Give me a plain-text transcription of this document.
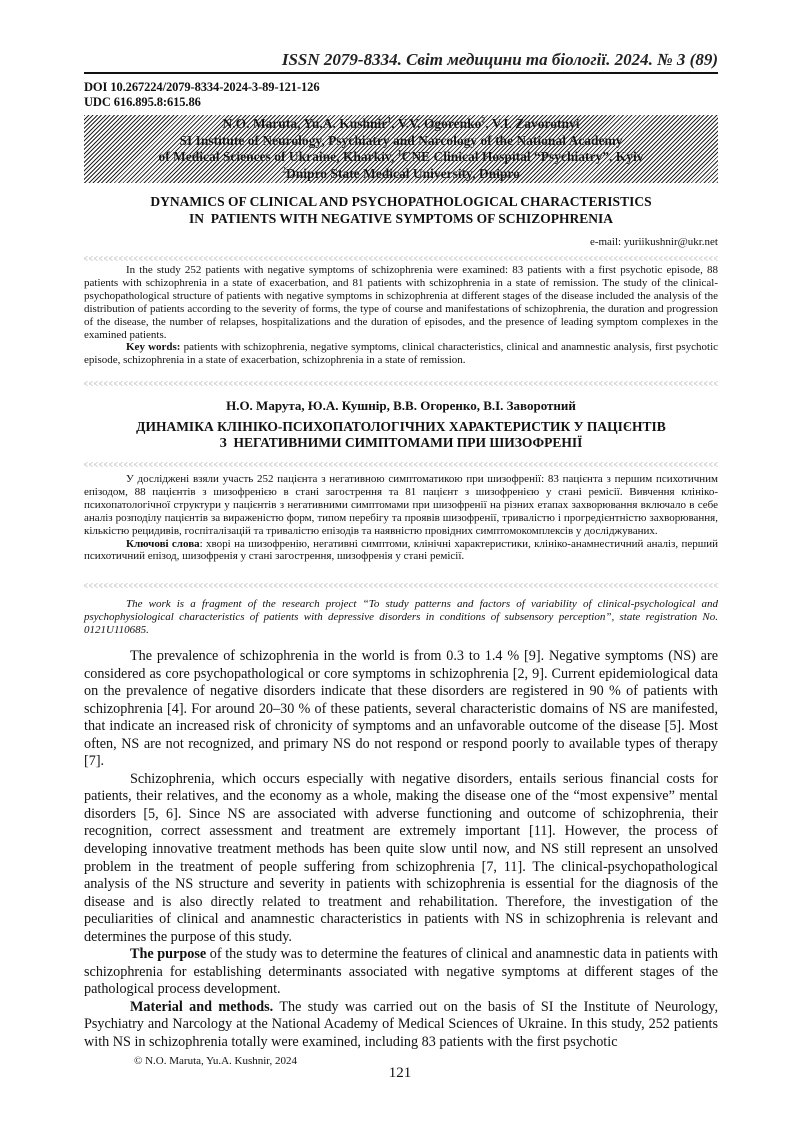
ISSN 2079-8334. Світ медицини та біології. 2024. № 3 (89)
DOI 10.267224/2079-8334-2024-3-89-121-126
UDC 616.895.8:615.86
N.O. Maruta, Yu.A. Kushnir$^1$, V.V. Ogorenko$^2$, V.I. Zavorotnyi
SI Institute of Neurology, Psychiatry and Narcology of the National Academy
of Medical Sciences of Ukraine, Kharkiv, $^1$CNE Clinical Hospital “Psychiatry”, Kyiv
$^2$Dnipro State Medical University, Dnipro
DYNAMICS OF CLINICAL AND PSYCHOPATHOLOGICAL CHARACTERISTICS
IN  PATIENTS WITH NEGATIVE SYMPTOMS OF SCHIZOPHRENIA
e-mail: yuriikushnir@ukr.net

In the study 252 patients with negative symptoms of schizophrenia were examined: 83 patients with a first psychotic episode, 88 patients with schizophrenia in a state of exacerbation, and 81 patients with schizophrenia in a state of remission. The study of the clinical-psychopathological structure of patients with negative symptoms in schizophrenia at different stages of the disease included the analysis of the distribution of patients according to the severity of forms, the type of course and manifestations of schizophrenia, the duration and progression of the disease, the number of relapses, hospitalizations and the duration of episodes, and the presence of leading symptom complexes in the examined patients.

Key words: patients with schizophrenia, negative symptoms, clinical characteristics, clinical and anamnestic analysis, first psychotic episode, schizophrenia in a state of exacerbation, schizophrenia in a state of remission.

Н.О. Марута, Ю.А. Кушнір, В.В. Огоренко, В.І. Заворотний
ДИНАМІКА КЛІНІКО-ПСИХОПАТОЛОГІЧНИХ ХАРАКТЕРИСТИК У ПАЦІЄНТІВ
З  НЕГАТИВНИМИ СИМПТОМАМИ ПРИ ШИЗОФРЕНІЇ

У досліджені взяли участь 252 пацієнта з негативною симптоматикою при шизофренії: 83 пацієнта з першим психотичним епізодом, 88 пацієнтів з шизофренією в стані загострення та 81 пацієнт з шизофренією у стані ремісії. Вивчення клініко-психопатологічної структури у пацієнтів з негативними симптомами при шизофренії на різних етапах захворювання включало в себе аналіз розподілу пацієнтів за вираженістю форм, типом перебігу та проявів шизофренії, тривалістю і прогредієнтністю захворювання, кількістю рецидивів, госпіталізацій та тривалістю епізодів та наявністю провідних симптомокомплексів у досліджуваних.

Ключові слова: хворі на шизофренію, негативні симптоми, клінічні характеристики, клініко-анамнестичний аналіз, перший психотичний епізод, шизофренія у стані загострення, шизофренія у стані ремісії.

The work is a fragment of the research project “To study patterns and factors of variability of clinical-psychological and psychophysiological characteristics of patients with depressive disorders in conditions of subsensory perception”, state registration No. 0121U110685.

The prevalence of schizophrenia in the world is from 0.3 to 1.4 % [9]. Negative symptoms (NS) are considered as core psychopathological or core symptoms in schizophrenia [2, 9]. Current epidemiological data on the prevalence of negative disorders indicate that these disorders are registered in 90 % of patients with schizophrenia [4]. For around 20–30 % of these patients, several characteristic domains of NS are manifested, that indicate an increased risk of chronicity of symptoms and an unfavorable outcome of the disease [5]. Most often, NS are not recognized, and primary NS do not respond or respond poorly to available types of therapy [7].

Schizophrenia, which occurs especially with negative disorders, entails serious financial costs for patients, their relatives, and the economy as a whole, making the disease one of the “most expensive” mental disorders [5, 6]. Since NS are associated with adverse functioning and outcome of schizophrenia, their recognition, correct assessment and treatment are extremely important [11]. However, the process of developing innovative treatment methods has been quite slow until now, and NS still represent an unsolved problem in the treatment of people suffering from schizophrenia [7, 11]. The clinical-psychopathological analysis of the NS structure and severity in patients with schizophrenia is essential for the diagnosis of the disease and is also directly related to treatment and rehabilitation. Therefore, the investigation of the peculiarities of clinical and anamnestic characteristics in patients with NS in schizophrenia is relevant and determines the purpose of this study.

The purpose of the study was to determine the features of clinical and anamnestic data in patients with schizophrenia for establishing determinants associated with negative symptoms at different stages of the pathological process development.

Material and methods. The study was carried out on the basis of SI the Institute of Neurology, Psychiatry and Narcology at the National Academy of Medical Sciences of Ukraine. In this study, 252 patients with NS in schizophrenia totally were examined, including 83 patients with the first psychotic

© N.O. Maruta, Yu.A. Kushnir, 2024
121
